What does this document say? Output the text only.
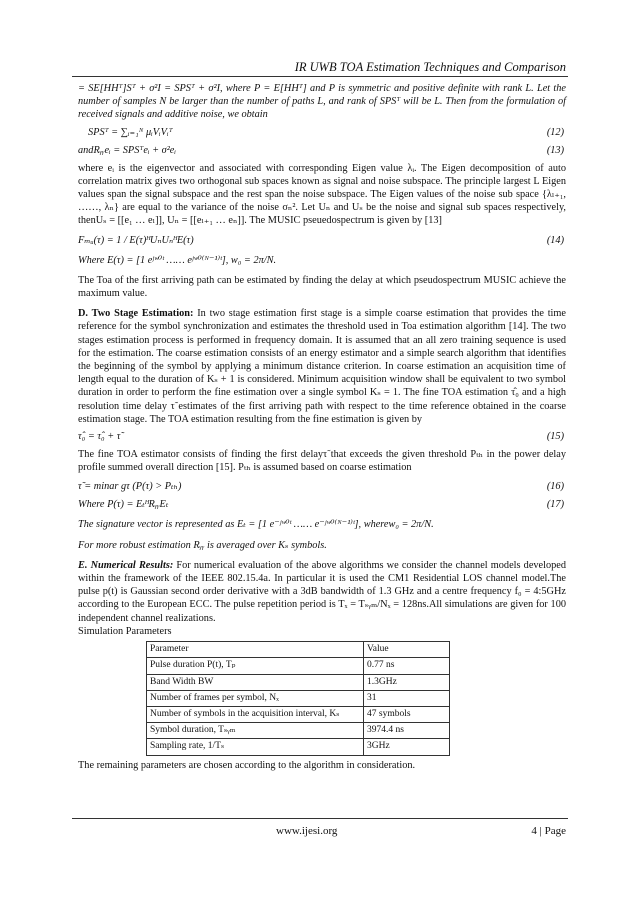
IR UWB TOA Estimation Techniques and Comparison

= SE[HHᵀ]Sᵀ + σ²I = SPSᵀ + σ²I, where P = E[HHᵀ] and P is symmetric and positive definite with rank L. Let the number of samples N be larger than the number of paths L, and rank of SPSᵀ will be L. Then from the formulation of received signals and additive noise, we obtain

SPSᵀ = ∑ᵢ₌₁ᴺ μᵢVᵢVᵢᵀ	(12)
andRᵧᵧeᵢ = SPSᵀeᵢ + σ²eᵢ	(13)

where eᵢ is the eigenvector and associated with corresponding Eigen value λᵢ. The Eigen decomposition of auto correlation matrix gives two orthogonal sub spaces known as signal and noise subspace. The principle largest L Eigen values span the signal subspace and the rest span the noise subspace. The Eigen values of the noise sub space {λₗ₊₁, ……, λₙ} are equal to the variance of the noise σₙ². Let Uₙ and Uₛ be the noise and signal sub spaces respectively, thenUₛ = [[e₁ … eₗ]], Uₙ = [[eₗ₊₁ … eₙ]]. The MUSIC pseuedospectrum is given by [13]

Fₘᵤ(τ) = 1 / E(τ)ᴴUₙUₙᴴE(τ)	(14)

Where E(τ) = [1 eʲʷ⁰ᵗ …… eʲʷ⁰⁽ᴺ⁻¹⁾ᵗ], w₀ = 2π/N.

The Toa of the first arriving path can be estimated by finding the delay at which pseudospectrum MUSIC achieve the maximum value.

D. Two Stage Estimation: In two stage estimation first stage is a simple coarse estimation that provides the time reference for the symbol synchronization and estimates the threshold used in Toa estimation algorithm [14]. The two stages estimation process is performed in frequency domain. It is assumed that an all zero training sequence is used for the estimation. The coarse estimation consists of an energy estimator and a simple search algorithm that identifies the beginning of the symbol by applying a minimum distance criterion. In coarse estimation an acquisition time of length equal to the duration of Kₛ + 1 is considered. Minimum acquisition window shall be equivalent to two symbol duration in order to perform the fine estimation over a single symbol Kₛ = 1. The fine TOA estimation τ̂₀ and a high resolution time delay τ̃ estimates of the first arriving path with respect to the time reference obtained in the coarse estimation stage. The TOA estimation resulting from the fine estimation is given by

τ̂₀ = τ̂₀ + τ̃	(15)

The fine TOA estimator consists of finding the first delayτ̃ that exceeds the given threshold Pₜₕ in the power delay profile summed overall direction [15]. Pₜₕ is assumed based on coarse estimation

τ̃ = minar gτ (P(τ) > Pₜₕ)	(16)
Where P(τ) = EₜᴴRᵧᵧEₜ	(17)

The signature vector is represented as Eₜ = [1 e⁻ʲʷ⁰ᵗ …… e⁻ʲʷ⁰⁽ᴺ⁻¹⁾ᵗ], wherew₀ = 2π/N.

For more robust estimation Rᵧᵧ is averaged over Kₛ symbols.

E. Numerical Results: For numerical evaluation of the above algorithms we consider the channel models developed within the framework of the IEEE 802.15.4a. In particular it is used the CM1 Residential LOS channel model.The pulse p(t) is Gaussian second order derivative with a 3dB bandwidth of 1.3 GHz and a centre frequency f₀ = 4:5GHz according to the European ECC. The pulse repetition period is Tₓ = Tₛᵧₘ/Nₓ = 128ns.All simulations are given for 100 independent channel realizations.

Simulation Parameters

Parameter	Value
Pulse duration P(t), Tₚ	0.77 ns
Band Width BW	1.3GHz
Number of frames per symbol, Nₓ	31
Number of symbols in the acquisition interval, Kₛ	47 symbols
Symbol duration, Tₛᵧₘ	3974.4 ns
Sampling rate, 1/Tₛ	3GHz

The remaining parameters are chosen according to the algorithm in consideration.

www.ijesi.org	4 | Page
